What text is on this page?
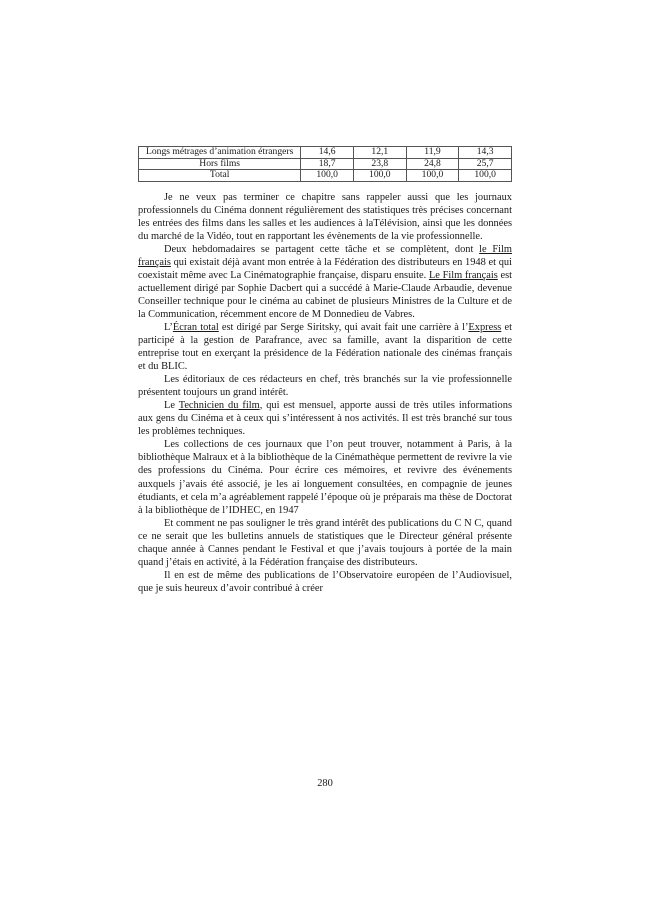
Longs métrages d’animation étrangers	14,6	12,1	11,9	14,3
Hors films	18,7	23,8	24,8	25,7
Total	100,0	100,0	100,0	100,0

Je ne veux pas terminer ce chapitre sans rappeler aussi que les journaux professionnels du Cinéma donnent régulièrement des statistiques très précises concernant les entrées des films dans les salles et les audiences à laTélévision, ainsi que les données du marché de la Vidéo, tout en rapportant les évènements de la vie professionnelle.

Deux hebdomadaires se partagent cette tâche et se complètent, dont le Film français qui existait déjà avant mon entrée à la Fédération des distributeurs en 1948 et qui coexistait même avec La Cinématographie française, disparu ensuite. Le Film français est actuellement dirigé par Sophie Dacbert qui a succédé à Marie-Claude Arbaudie, devenue Conseiller technique pour le cinéma au cabinet de plusieurs Ministres de la Culture et de la Communication, récemment encore de M Donnedieu de Vabres.

L’Écran total est dirigé par Serge Siritsky, qui avait fait une carrière à l’Express et participé à la gestion de Parafrance, avec sa famille, avant la disparition de cette entreprise tout en exerçant la présidence de la Fédération nationale des cinémas français et du BLIC.

Les éditoriaux de ces rédacteurs en chef, très branchés sur la vie professionnelle présentent toujours un grand intérêt.

Le Technicien du film, qui est mensuel, apporte aussi de très utiles informations aux gens du Cinéma et à ceux qui s’intéressent à nos activités. Il est très branché sur tous les problèmes techniques.

Les collections de ces journaux que l’on peut trouver, notamment à Paris, à la bibliothèque Malraux et à la bibliothèque de la Cinémathèque permettent de revivre la vie des professions du Cinéma. Pour écrire ces mémoires, et revivre des événements auxquels j’avais été associé, je les ai longuement consultées, en compagnie de jeunes étudiants, et cela m’a agréablement rappelé l’époque où je préparais ma thèse de Doctorat à la bibliothèque de l’IDHEC, en 1947

Et comment ne pas souligner le très grand intérêt des publications du C N C, quand ce ne serait que les bulletins annuels de statistiques que le Directeur général présente chaque année à Cannes pendant le Festival et que j’avais toujours à portée de la main quand j’étais en activité, à la Fédération française des distributeurs.

Il en est de même des publications de l’Observatoire européen de l’Audiovisuel, que je suis heureux d’avoir contribué à créer

280
